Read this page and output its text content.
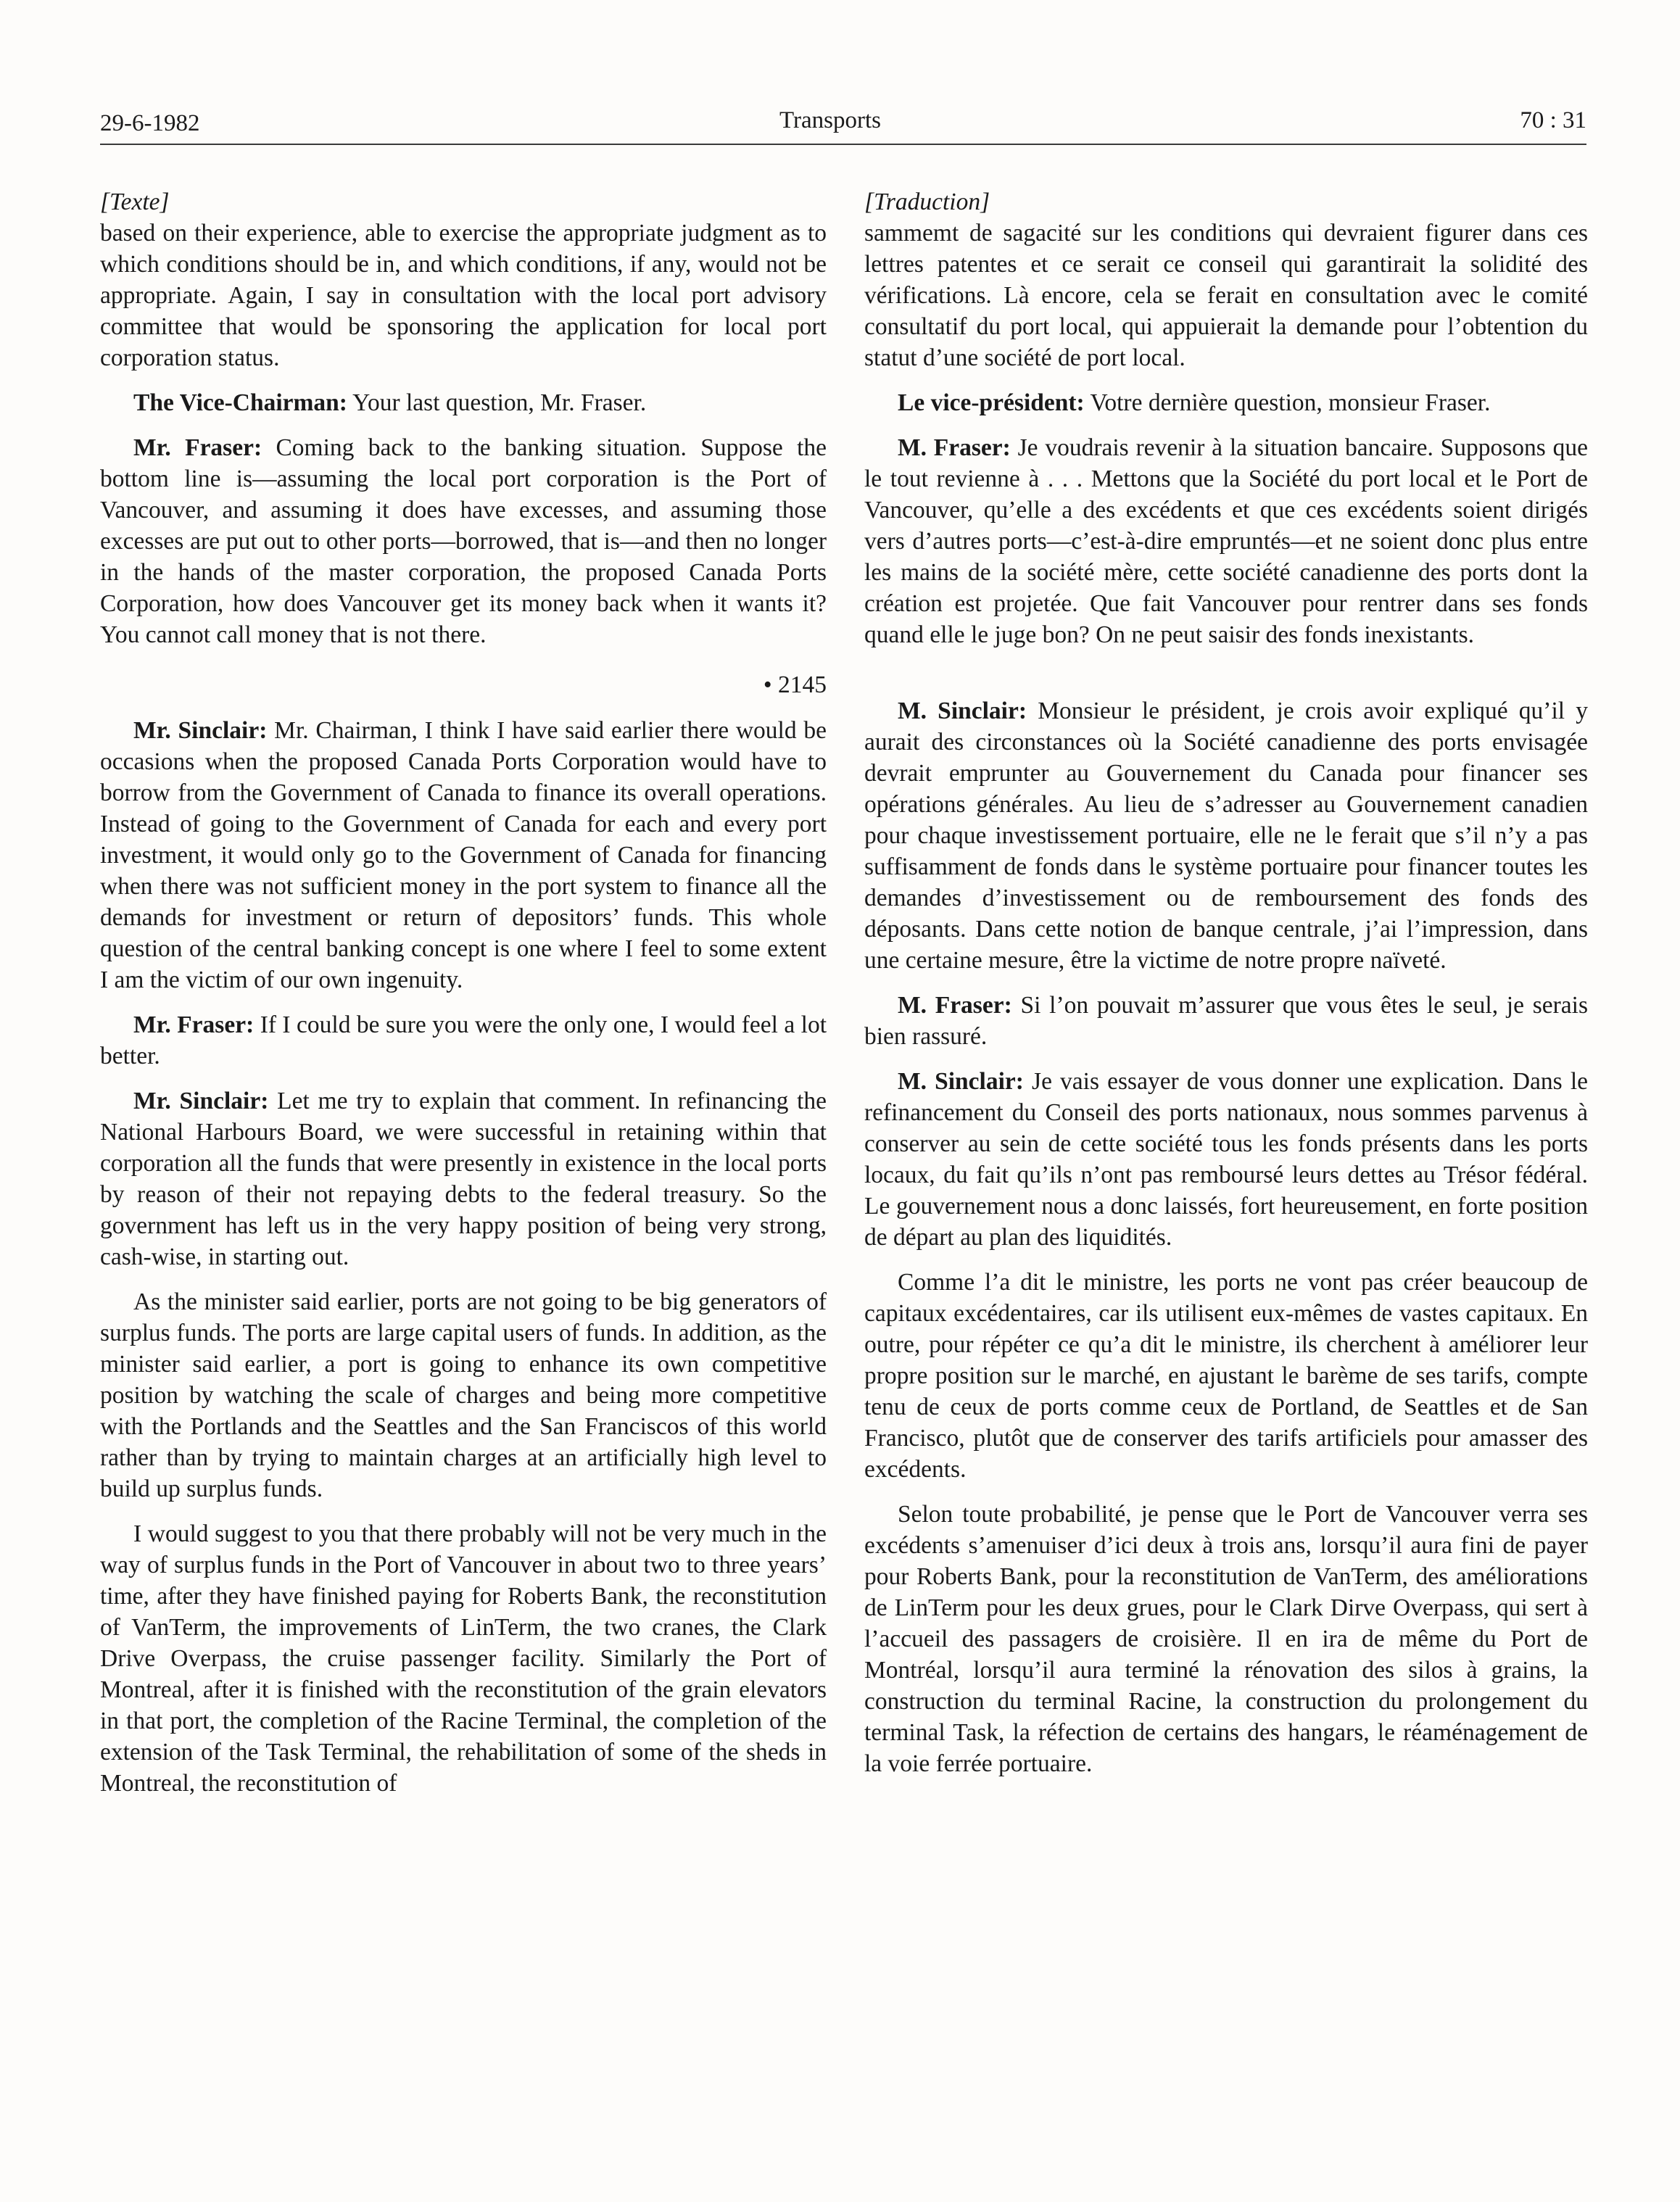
29-6-1982	Transports	70 : 31
[Texte]

based on their experience, able to exercise the appropriate judgment as to which conditions should be in, and which conditions, if any, would not be appropriate. Again, I say in consultation with the local port advisory committee that would be sponsoring the application for local port corporation status.

The Vice-Chairman: Your last question, Mr. Fraser.

Mr. Fraser: Coming back to the banking situation. Suppose the bottom line is—assuming the local port corporation is the Port of Vancouver, and assuming it does have excesses, and assuming those excesses are put out to other ports—borrowed, that is—and then no longer in the hands of the master corporation, the proposed Canada Ports Corporation, how does Vancouver get its money back when it wants it? You cannot call money that is not there.

• 2145

Mr. Sinclair: Mr. Chairman, I think I have said earlier there would be occasions when the proposed Canada Ports Corporation would have to borrow from the Government of Canada to finance its overall operations. Instead of going to the Government of Canada for each and every port investment, it would only go to the Government of Canada for financing when there was not sufficient money in the port system to finance all the demands for investment or return of depositors’ funds. This whole question of the central banking concept is one where I feel to some extent I am the victim of our own ingenuity.

Mr. Fraser: If I could be sure you were the only one, I would feel a lot better.

Mr. Sinclair: Let me try to explain that comment. In refinancing the National Harbours Board, we were successful in retaining within that corporation all the funds that were presently in existence in the local ports by reason of their not repaying debts to the federal treasury. So the government has left us in the very happy position of being very strong, cash-wise, in starting out.

As the minister said earlier, ports are not going to be big generators of surplus funds. The ports are large capital users of funds. In addition, as the minister said earlier, a port is going to enhance its own competitive position by watching the scale of charges and being more competitive with the Portlands and the Seattles and the San Franciscos of this world rather than by trying to maintain charges at an artificially high level to build up surplus funds.

I would suggest to you that there probably will not be very much in the way of surplus funds in the Port of Vancouver in about two to three years’ time, after they have finished paying for Roberts Bank, the reconstitution of VanTerm, the improvements of LinTerm, the two cranes, the Clark Drive Overpass, the cruise passenger facility. Similarly the Port of Montreal, after it is finished with the reconstitution of the grain elevators in that port, the completion of the Racine Terminal, the completion of the extension of the Task Terminal, the rehabilitation of some of the sheds in Montreal, the reconstitution of

[Traduction]

sammemt de sagacité sur les conditions qui devraient figurer dans ces lettres patentes et ce serait ce conseil qui garantirait la solidité des vérifications. Là encore, cela se ferait en consultation avec le comité consultatif du port local, qui appuierait la demande pour l’obtention du statut d’une société de port local.

Le vice-président: Votre dernière question, monsieur Fraser.

M. Fraser: Je voudrais revenir à la situation bancaire. Supposons que le tout revienne à . . . Mettons que la Société du port local et le Port de Vancouver, qu’elle a des excédents et que ces excédents soient dirigés vers d’autres ports—c’est-à-dire empruntés—et ne soient donc plus entre les mains de la société mère, cette société canadienne des ports dont la création est projetée. Que fait Vancouver pour rentrer dans ses fonds quand elle le juge bon? On ne peut saisir des fonds inexistants.

M. Sinclair: Monsieur le président, je crois avoir expliqué qu’il y aurait des circonstances où la Société canadienne des ports envisagée devrait emprunter au Gouvernement du Canada pour financer ses opérations générales. Au lieu de s’adresser au Gouvernement canadien pour chaque investissement portuaire, elle ne le ferait que s’il n’y a pas suffisamment de fonds dans le système portuaire pour financer toutes les demandes d’investissement ou de remboursement des fonds des déposants. Dans cette notion de banque centrale, j’ai l’impression, dans une certaine mesure, être la victime de notre propre naïveté.

M. Fraser: Si l’on pouvait m’assurer que vous êtes le seul, je serais bien rassuré.

M. Sinclair: Je vais essayer de vous donner une explication. Dans le refinancement du Conseil des ports nationaux, nous sommes parvenus à conserver au sein de cette société tous les fonds présents dans les ports locaux, du fait qu’ils n’ont pas remboursé leurs dettes au Trésor fédéral. Le gouvernement nous a donc laissés, fort heureusement, en forte position de départ au plan des liquidités.

Comme l’a dit le ministre, les ports ne vont pas créer beaucoup de capitaux excédentaires, car ils utilisent eux-mêmes de vastes capitaux. En outre, pour répéter ce qu’a dit le ministre, ils cherchent à améliorer leur propre position sur le marché, en ajustant le barème de ses tarifs, compte tenu de ceux de ports comme ceux de Portland, de Seattles et de San Francisco, plutôt que de conserver des tarifs artificiels pour amasser des excédents.

Selon toute probabilité, je pense que le Port de Vancouver verra ses excédents s’amenuiser d’ici deux à trois ans, lorsqu’il aura fini de payer pour Roberts Bank, pour la reconstitution de VanTerm, des améliorations de LinTerm pour les deux grues, pour le Clark Dirve Overpass, qui sert à l’accueil des passagers de croisière. Il en ira de même du Port de Montréal, lorsqu’il aura terminé la rénovation des silos à grains, la construction du terminal Racine, la construction du prolongement du terminal Task, la réfection de certains des hangars, le réaménagement de la voie ferrée portuaire.
